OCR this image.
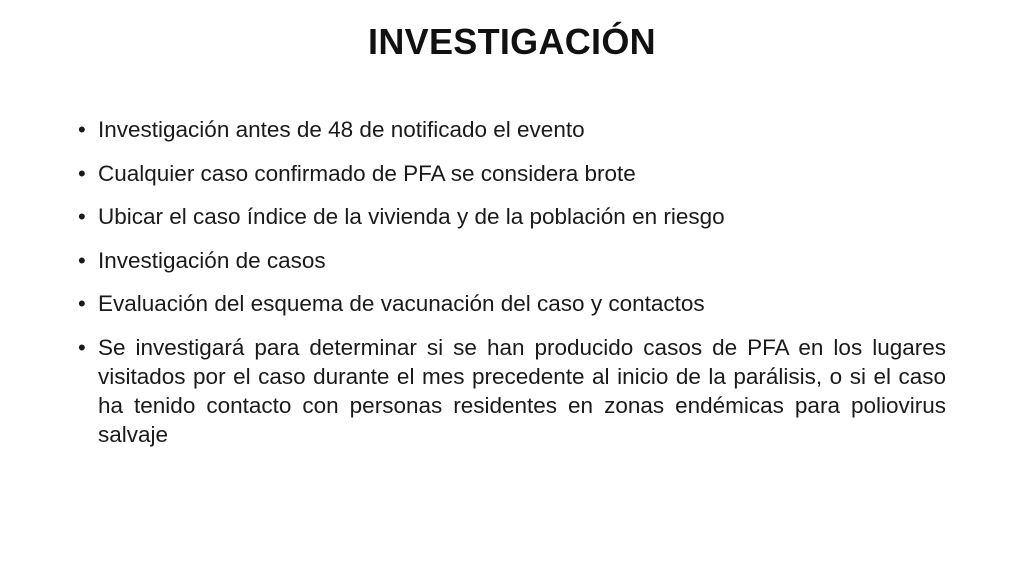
INVESTIGACIÓN
• Investigación antes de 48 de notificado el evento
• Cualquier caso confirmado de PFA se considera brote
• Ubicar el caso índice de la vivienda y de la población en riesgo
• Investigación de casos
• Evaluación del esquema de vacunación del caso y contactos
• Se investigará para determinar si se han producido casos de PFA en los lugares visitados por el caso durante el mes precedente al inicio de la parálisis, o si el caso ha tenido contacto con personas residentes en zonas endémicas para poliovirus salvaje
